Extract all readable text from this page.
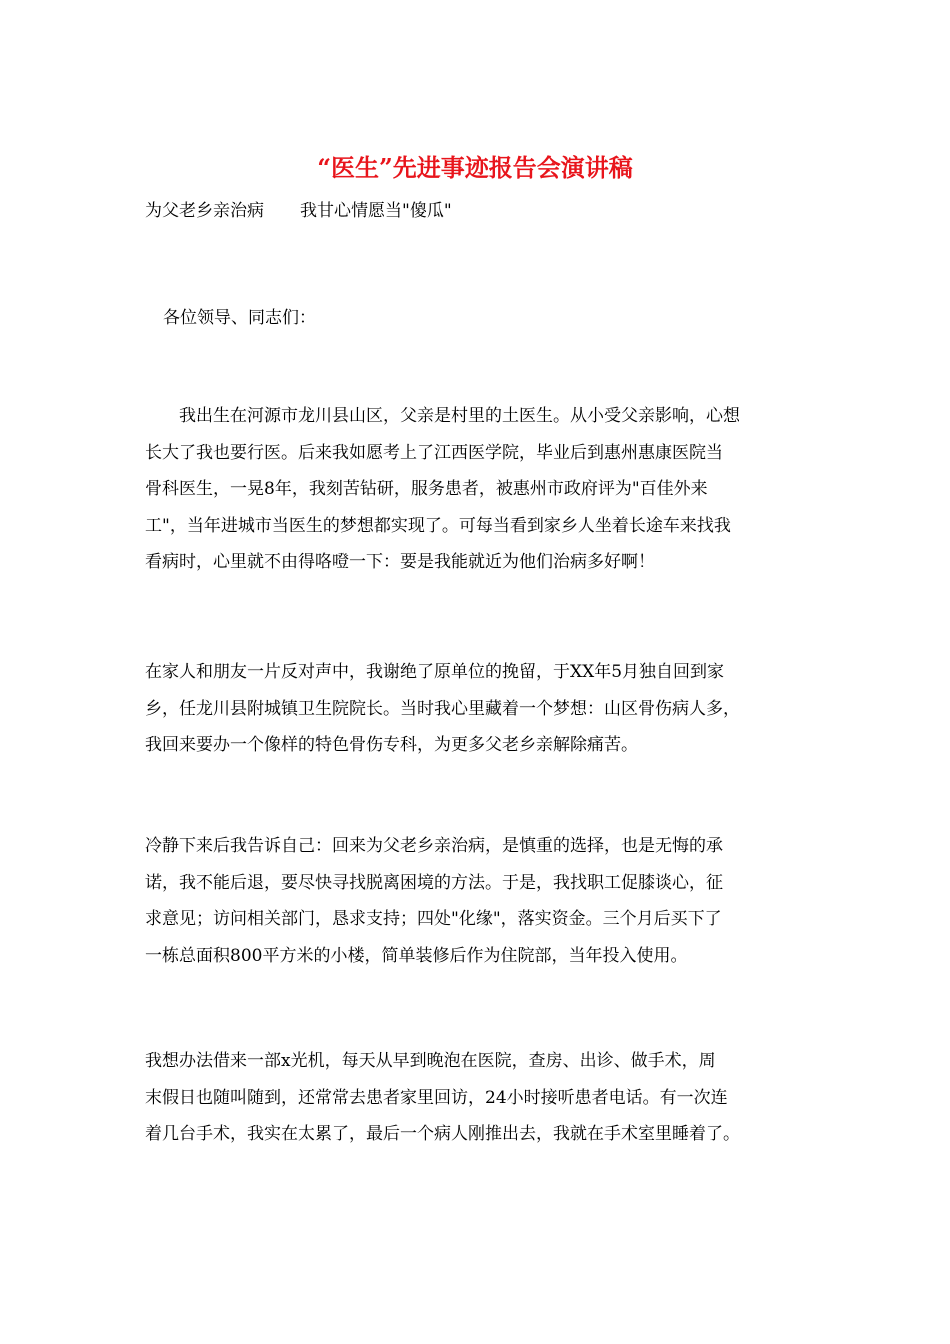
“医生”先进事迹报告会演讲稿
为父老乡亲治病 我甘心情愿当"傻瓜"

各位领导、同志们：

我出生在河源市龙川县山区，父亲是村里的土医生。从小受父亲影响，心想
长大了我也要行医。后来我如愿考上了江西医学院，毕业后到惠州惠康医院当
骨科医生，一晃8年，我刻苦钻研，服务患者，被惠州市政府评为"百佳外来
工"，当年进城市当医生的梦想都实现了。可每当看到家乡人坐着长途车来找我
看病时，心里就不由得咯噔一下：要是我能就近为他们治病多好啊！

在家人和朋友一片反对声中，我谢绝了原单位的挽留，于XX年5月独自回到家
乡，任龙川县附城镇卫生院院长。当时我心里藏着一个梦想：山区骨伤病人多，
我回来要办一个像样的特色骨伤专科，为更多父老乡亲解除痛苦。

冷静下来后我告诉自己：回来为父老乡亲治病，是慎重的选择，也是无悔的承
诺，我不能后退，要尽快寻找脱离困境的方法。于是，我找职工促膝谈心，征
求意见；访问相关部门，恳求支持；四处"化缘"，落实资金。三个月后买下了
一栋总面积800平方米的小楼，简单装修后作为住院部，当年投入使用。

我想办法借来一部x光机，每天从早到晚泡在医院，查房、出诊、做手术，周
末假日也随叫随到，还常常去患者家里回访，24小时接听患者电话。有一次连
着几台手术，我实在太累了，最后一个病人刚推出去，我就在手术室里睡着了。
